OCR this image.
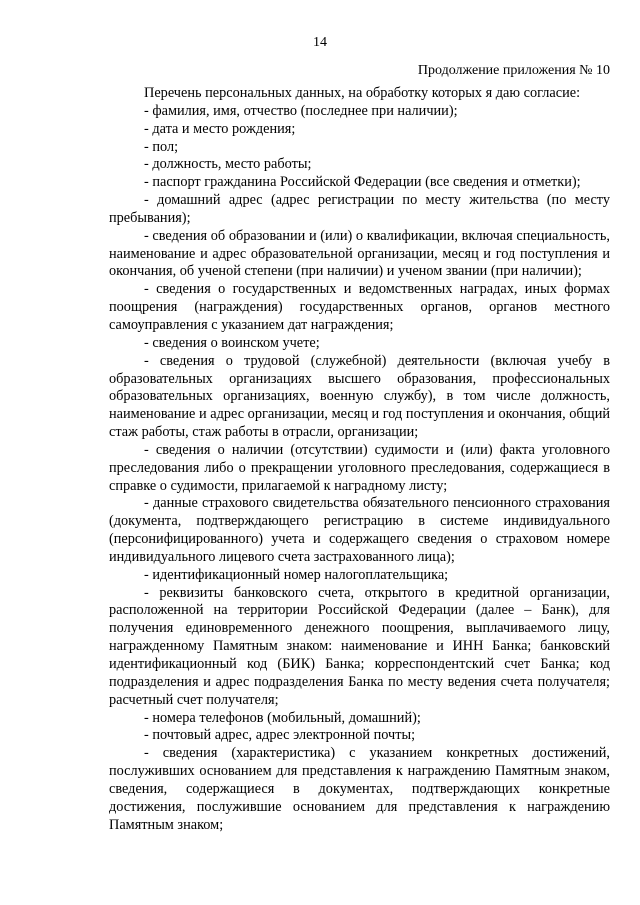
14
Продолжение приложения № 10

Перечень персональных данных, на обработку которых я даю согласие:

- фамилия, имя, отчество (последнее при наличии);

- дата и место рождения;

- пол;

- должность, место работы;

- паспорт гражданина Российской Федерации (все сведения и отметки);

- домашний адрес (адрес регистрации по месту жительства (по месту пребывания);

- сведения об образовании и (или) о квалификации, включая специальность, наименование и адрес образовательной организации, месяц и год поступления и окончания, об ученой степени (при наличии) и ученом звании (при наличии);

- сведения о государственных и ведомственных наградах, иных формах поощрения (награждения) государственных органов, органов местного самоуправления с указанием дат награждения;

- сведения о воинском учете;

- сведения о трудовой (служебной) деятельности (включая учебу в образовательных организациях высшего образования, профессиональных образовательных организациях, военную службу), в том числе должность, наименование и адрес организации, месяц и год поступления и окончания, общий стаж работы, стаж работы в отрасли, организации;

- сведения о наличии (отсутствии) судимости и (или) факта уголовного преследования либо о прекращении уголовного преследования, содержащиеся в справке о судимости, прилагаемой к наградному листу;

- данные страхового свидетельства обязательного пенсионного страхования (документа, подтверждающего регистрацию в системе индивидуального (персонифицированного) учета и содержащего сведения о страховом номере индивидуального лицевого счета застрахованного лица);

- идентификационный номер налогоплательщика;

- реквизиты банковского счета, открытого в кредитной организации, расположенной на территории Российской Федерации (далее – Банк), для получения единовременного денежного поощрения, выплачиваемого лицу, награжденному Памятным знаком: наименование и ИНН Банка; банковский идентификационный код (БИК) Банка; корреспондентский счет Банка; код подразделения и адрес подразделения Банка по месту ведения счета получателя; расчетный счет получателя;

- номера телефонов (мобильный, домашний);

- почтовый адрес, адрес электронной почты;

- сведения (характеристика) с указанием конкретных достижений, послуживших основанием для представления к награждению Памятным знаком, сведения, содержащиеся в документах, подтверждающих конкретные достижения, послужившие основанием для представления к награждению Памятным знаком;
